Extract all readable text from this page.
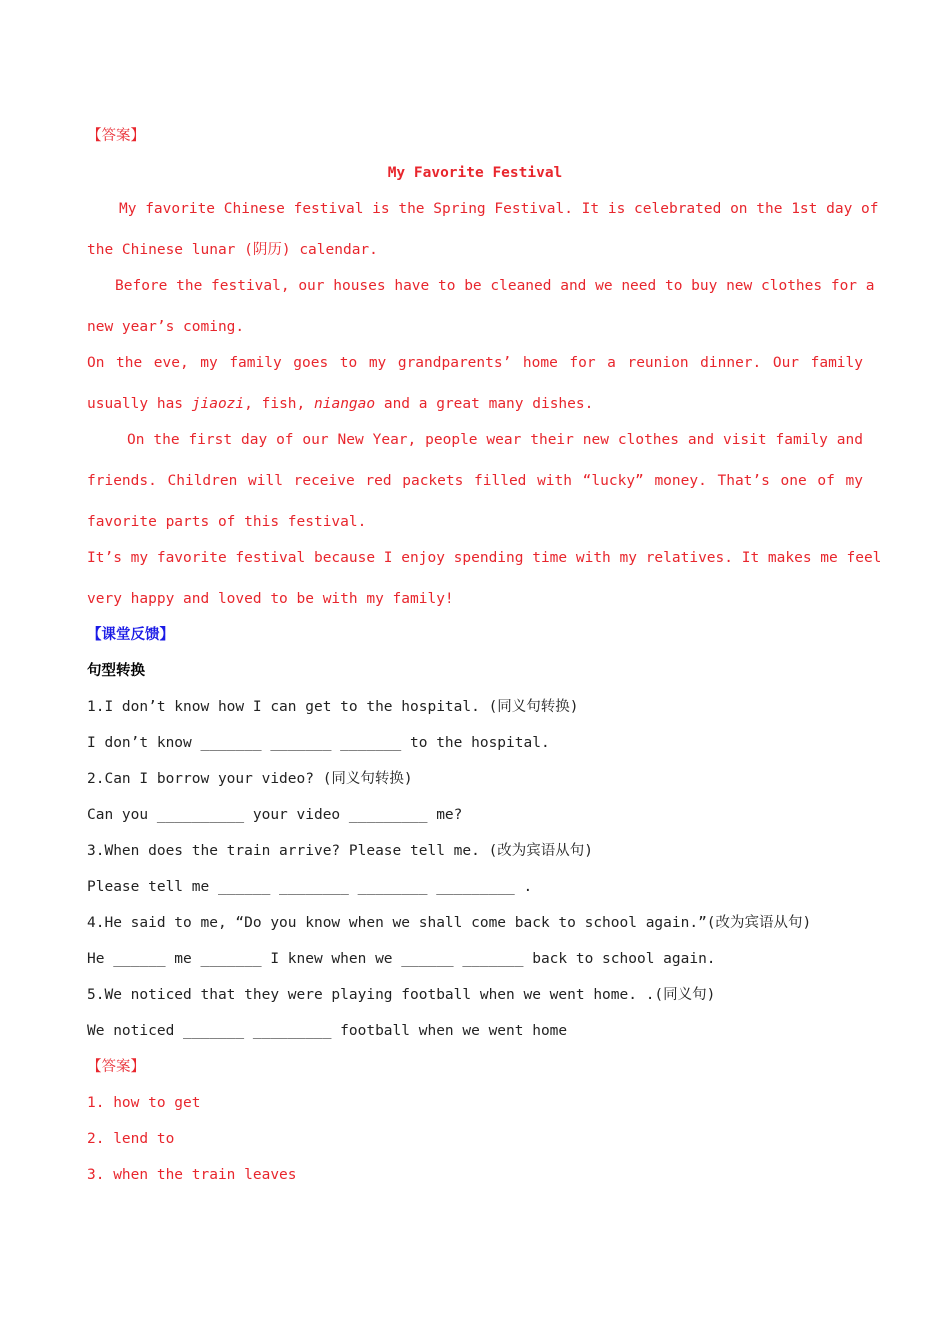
【答案】
My Favorite Festival
My favorite Chinese festival is the Spring Festival. It is celebrated on the 1st day of
the Chinese lunar (阴历) calendar.
Before the festival, our houses have to be cleaned and we need to buy new clothes for a
new year’s coming.
On the eve, my family goes to my grandparents’ home for a reunion dinner. Our family
usually has jiaozi, fish, niangao and a great many dishes.
On the first day of our New Year, people wear their new clothes and visit family and
friends. Children will receive red packets filled with “lucky” money. That’s one of my
favorite parts of this festival.
It’s my favorite festival because I enjoy spending time with my relatives. It makes me feel
very happy and loved to be with my family!
【课堂反馈】
句型转换
1.I don’t know how I can get to the hospital. (同义句转换)
I don’t know _______ _______ _______ to the hospital.
2.Can I borrow your video? (同义句转换)
Can you __________ your video _________ me?
3.When does the train arrive? Please tell me. (改为宾语从句)
Please tell me ______ ________ ________ _________ .
4.He said to me, “Do you know when we shall come back to school again.”(改为宾语从句)
He ______ me _______ I knew when we ______ _______ back to school again.
5.We noticed that they were playing football when we went home. .(同义句)
We noticed _______ _________ football when we went home
【答案】
1. how to get
2. lend to
3. when the train leaves
